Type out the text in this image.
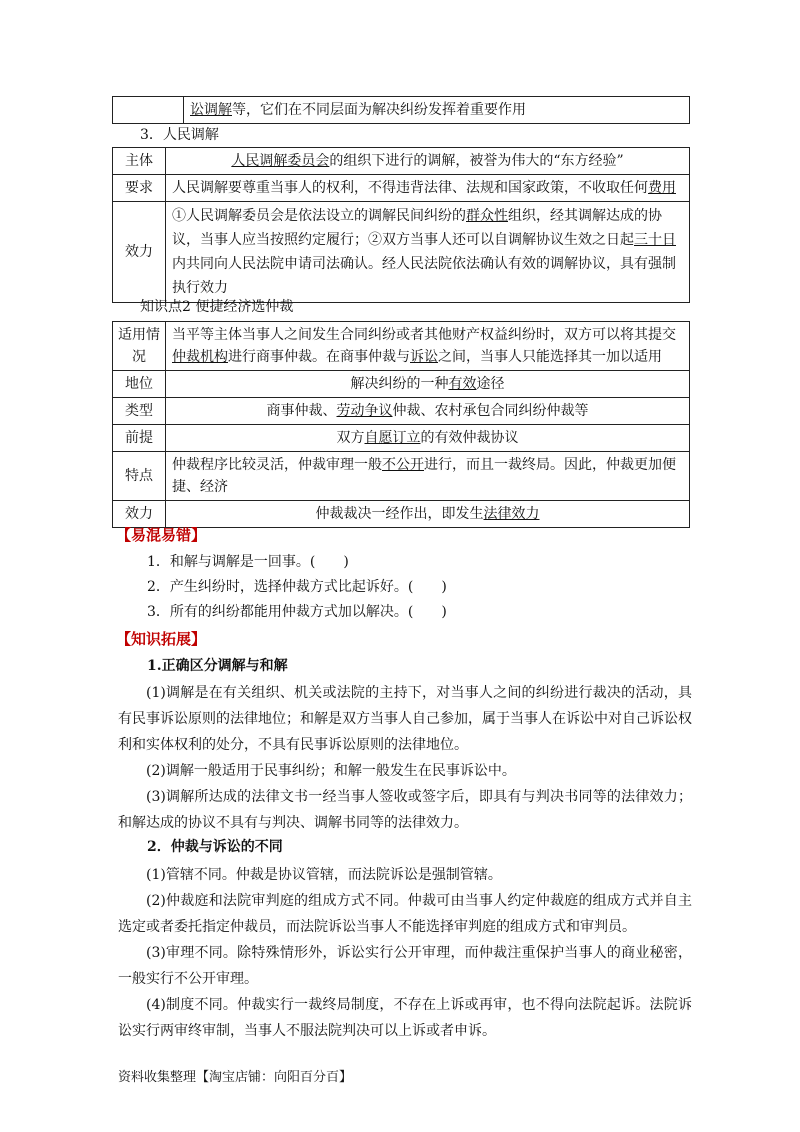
	讼调解等，它们在不同层面为解决纠纷发挥着重要作用
3．人民调解
主体	人民调解委员会的组织下进行的调解，被誉为伟大的“东方经验”
要求	人民调解要尊重当事人的权利，不得违背法律、法规和国家政策，不收取任何费用
效力	①人民调解委员会是依法设立的调解民间纠纷的群众性组织，经其调解达成的协议，当事人应当按照约定履行；②双方当事人还可以自调解协议生效之日起三十日内共同向人民法院申请司法确认。经人民法院依法确认有效的调解协议，具有强制执行效力
知识点2 便捷经济选仲裁
适用情况	当平等主体当事人之间发生合同纠纷或者其他财产权益纠纷时，双方可以将其提交仲裁机构进行商事仲裁。在商事仲裁与诉讼之间，当事人只能选择其一加以适用
地位	解决纠纷的一种有效途径
类型	商事仲裁、劳动争议仲裁、农村承包合同纠纷仲裁等
前提	双方自愿订立的有效仲裁协议
特点	仲裁程序比较灵活，仲裁审理一般不公开进行，而且一裁终局。因此，仲裁更加便捷、经济
效力	仲裁裁决一经作出，即发生法律效力
【易混易错】
1．和解与调解是一回事。(　　)
2．产生纠纷时，选择仲裁方式比起诉好。(　　)
3．所有的纠纷都能用仲裁方式加以解决。(　　)
【知识拓展】
1.正确区分调解与和解
(1)调解是在有关组织、机关或法院的主持下，对当事人之间的纠纷进行裁决的活动，具有民事诉讼原则的法律地位；和解是双方当事人自己参加，属于当事人在诉讼中对自己诉讼权利和实体权利的处分，不具有民事诉讼原则的法律地位。
(2)调解一般适用于民事纠纷；和解一般发生在民事诉讼中。
(3)调解所达成的法律文书一经当事人签收或签字后，即具有与判决书同等的法律效力；和解达成的协议不具有与判决、调解书同等的法律效力。
2．仲裁与诉讼的不同
(1)管辖不同。仲裁是协议管辖，而法院诉讼是强制管辖。
(2)仲裁庭和法院审判庭的组成方式不同。仲裁可由当事人约定仲裁庭的组成方式并自主选定或者委托指定仲裁员，而法院诉讼当事人不能选择审判庭的组成方式和审判员。
(3)审理不同。除特殊情形外，诉讼实行公开审理，而仲裁注重保护当事人的商业秘密，一般实行不公开审理。
(4)制度不同。仲裁实行一裁终局制度，不存在上诉或再审，也不得向法院起诉。法院诉讼实行两审终审制，当事人不服法院判决可以上诉或者申诉。
资料收集整理【淘宝店铺：向阳百分百】
